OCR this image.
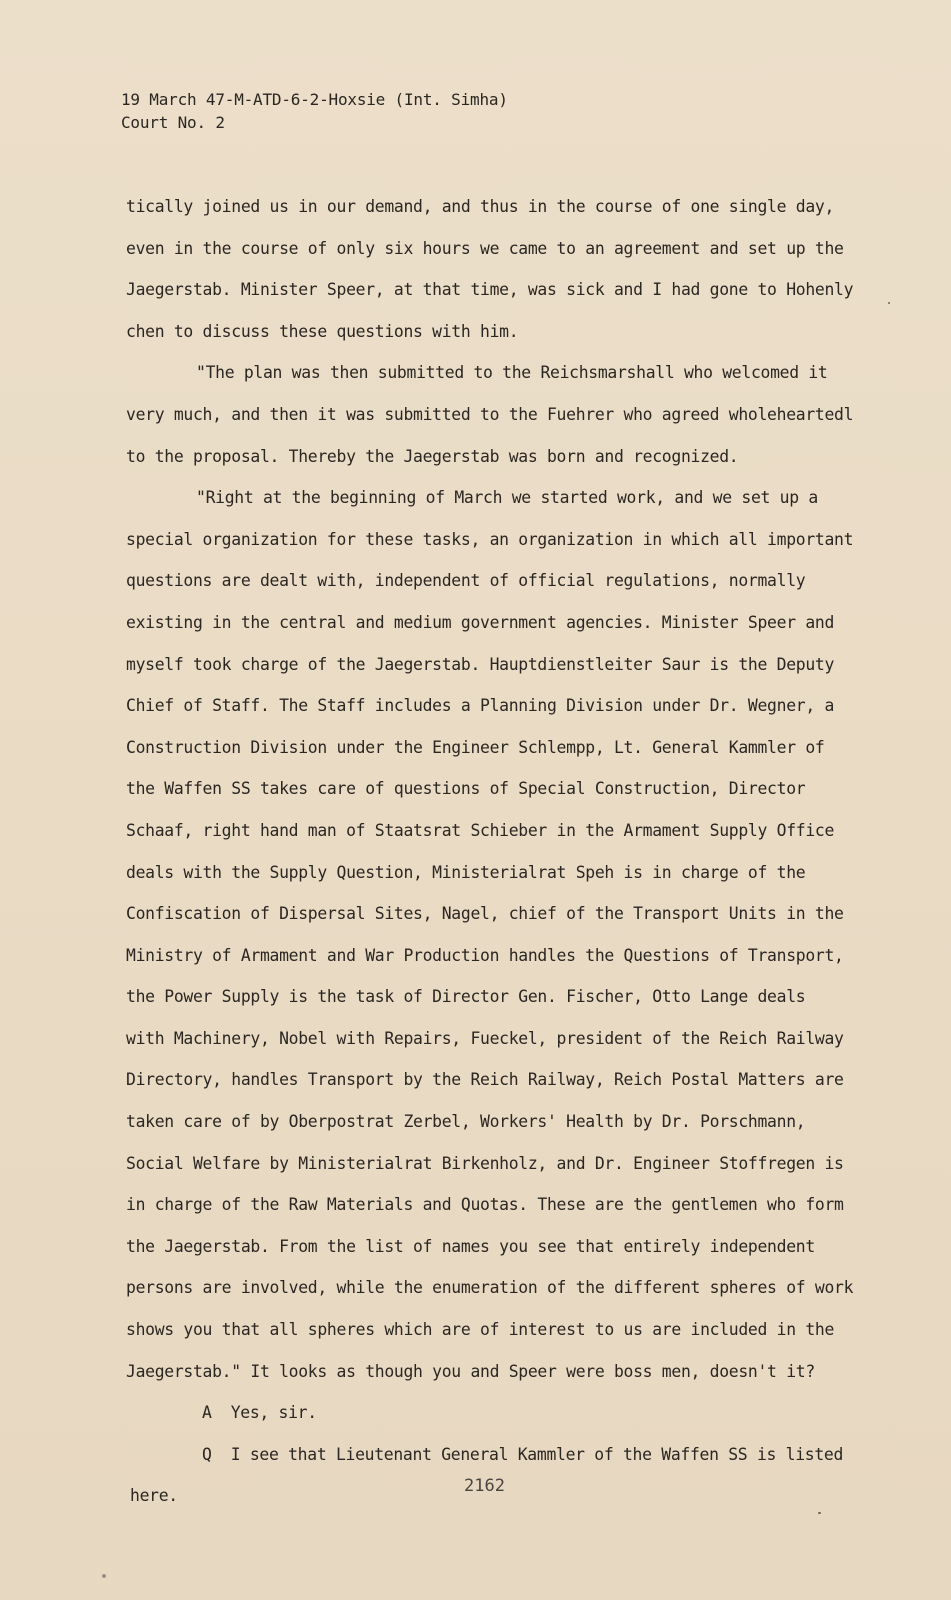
19 March 47-M-ATD-6-2-Hoxsie (Int. Simha)
Court No. 2
tically joined us in our demand, and thus in the course of one single day,
even in the course of only six hours we came to an agreement and set up the
Jaegerstab. Minister Speer, at that time, was sick and I had gone to Hohenly
chen to discuss these questions with him.
"The plan was then submitted to the Reichsmarshall who welcomed it
very much, and then it was submitted to the Fuehrer who agreed wholeheartedl
to the proposal. Thereby the Jaegerstab was born and recognized.
"Right at the beginning of March we started work, and we set up a
special organization for these tasks, an organization in which all important
questions are dealt with, independent of official regulations, normally
existing in the central and medium government agencies. Minister Speer and
myself took charge of the Jaegerstab. Hauptdienstleiter Saur is the Deputy
Chief of Staff. The Staff includes a Planning Division under Dr. Wegner, a
Construction Division under the Engineer Schlempp, Lt. General Kammler of
the Waffen SS takes care of questions of Special Construction, Director
Schaaf, right hand man of Staatsrat Schieber in the Armament Supply Office
deals with the Supply Question, Ministerialrat Speh is in charge of the
Confiscation of Dispersal Sites, Nagel, chief of the Transport Units in the
Ministry of Armament and War Production handles the Questions of Transport,
the Power Supply is the task of Director Gen. Fischer, Otto Lange deals
with Machinery, Nobel with Repairs, Fueckel, president of the Reich Railway
Directory, handles Transport by the Reich Railway, Reich Postal Matters are
taken care of by Oberpostrat Zerbel, Workers' Health by Dr. Porschmann,
Social Welfare by Ministerialrat Birkenholz, and Dr. Engineer Stoffregen is
in charge of the Raw Materials and Quotas. These are the gentlemen who form
the Jaegerstab. From the list of names you see that entirely independent
persons are involved, while the enumeration of the different spheres of work
shows you that all spheres which are of interest to us are included in the
Jaegerstab." It looks as though you and Speer were boss men, doesn't it?
A  Yes, sir.
Q  I see that Lieutenant General Kammler of the Waffen SS is listed
2162
here.
